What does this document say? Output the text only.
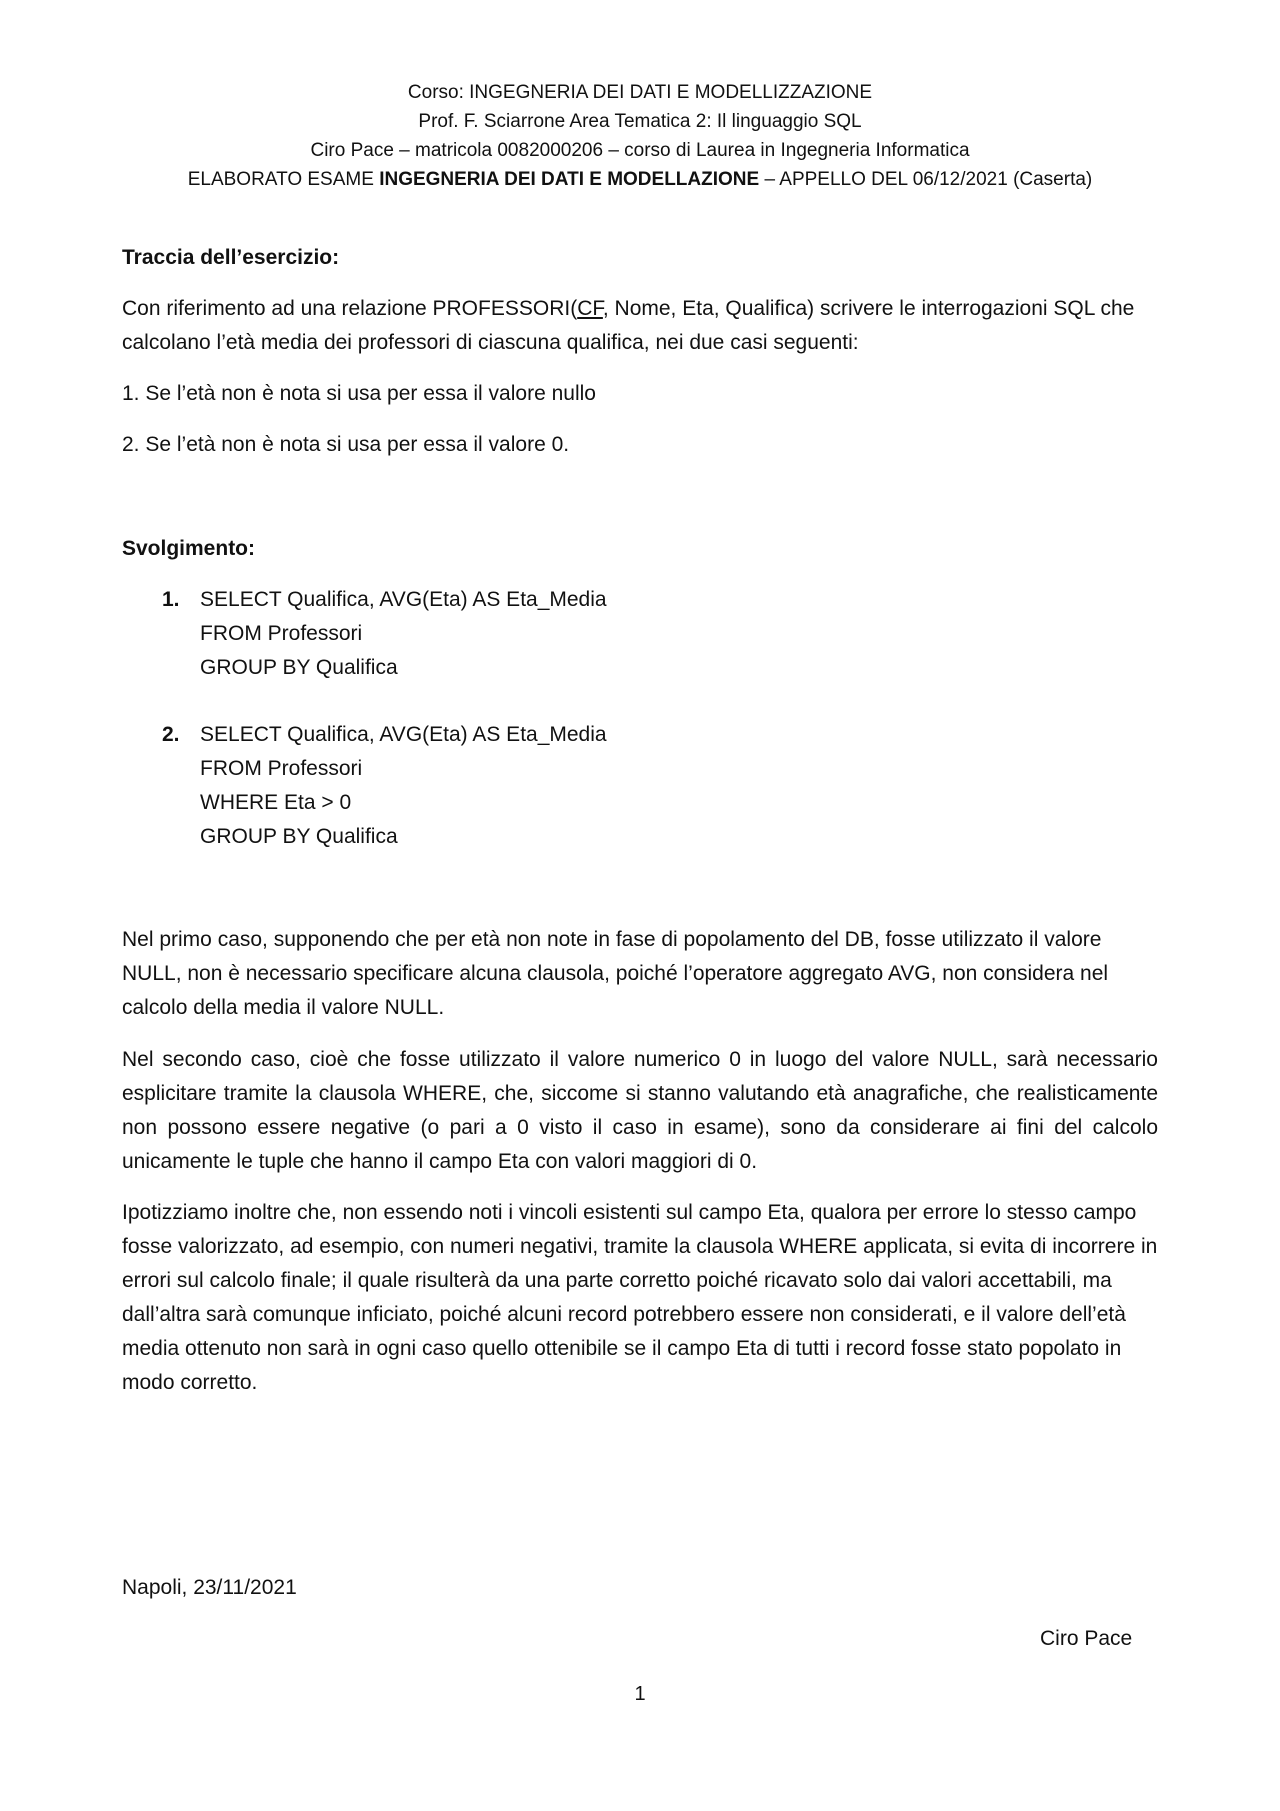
Corso: INGEGNERIA DEI DATI E MODELLIZZAZIONE
Prof. F. Sciarrone Area Tematica 2: Il linguaggio SQL
Ciro Pace – matricola 0082000206 – corso di Laurea in Ingegneria Informatica
ELABORATO ESAME INGEGNERIA DEI DATI E MODELLAZIONE – APPELLO DEL 06/12/2021 (Caserta)

Traccia dell’esercizio:

Con riferimento ad una relazione PROFESSORI(CF, Nome, Eta, Qualifica) scrivere le interrogazioni SQL che calcolano l’età media dei professori di ciascuna qualifica, nei due casi seguenti:

1. Se l’età non è nota si usa per essa il valore nullo

2. Se l’età non è nota si usa per essa il valore 0.

Svolgimento:

1. SELECT Qualifica, AVG(Eta) AS Eta_Media
FROM Professori
GROUP BY Qualifica
2. SELECT Qualifica, AVG(Eta) AS Eta_Media
FROM Professori
WHERE Eta > 0
GROUP BY Qualifica

Nel primo caso, supponendo che per età non note in fase di popolamento del DB, fosse utilizzato il valore NULL, non è necessario specificare alcuna clausola, poiché l’operatore aggregato AVG, non considera nel calcolo della media il valore NULL.

Nel secondo caso, cioè che fosse utilizzato il valore numerico 0 in luogo del valore NULL, sarà necessario esplicitare tramite la clausola WHERE, che, siccome si stanno valutando età anagrafiche, che realisticamente non possono essere negative (o pari a 0 visto il caso in esame), sono da considerare ai fini del calcolo unicamente le tuple che hanno il campo Eta con valori maggiori di 0.

Ipotizziamo inoltre che, non essendo noti i vincoli esistenti sul campo Eta, qualora per errore lo stesso campo fosse valorizzato, ad esempio, con numeri negativi, tramite la clausola WHERE applicata, si evita di incorrere in errori sul calcolo finale; il quale risulterà da una parte corretto poiché ricavato solo dai valori accettabili, ma dall’altra sarà comunque inficiato, poiché alcuni record potrebbero essere non considerati, e il valore dell’età media ottenuto non sarà in ogni caso quello ottenibile se il campo Eta di tutti i record fosse stato popolato in modo corretto.

Napoli, 23/11/2021
Ciro Pace
1
